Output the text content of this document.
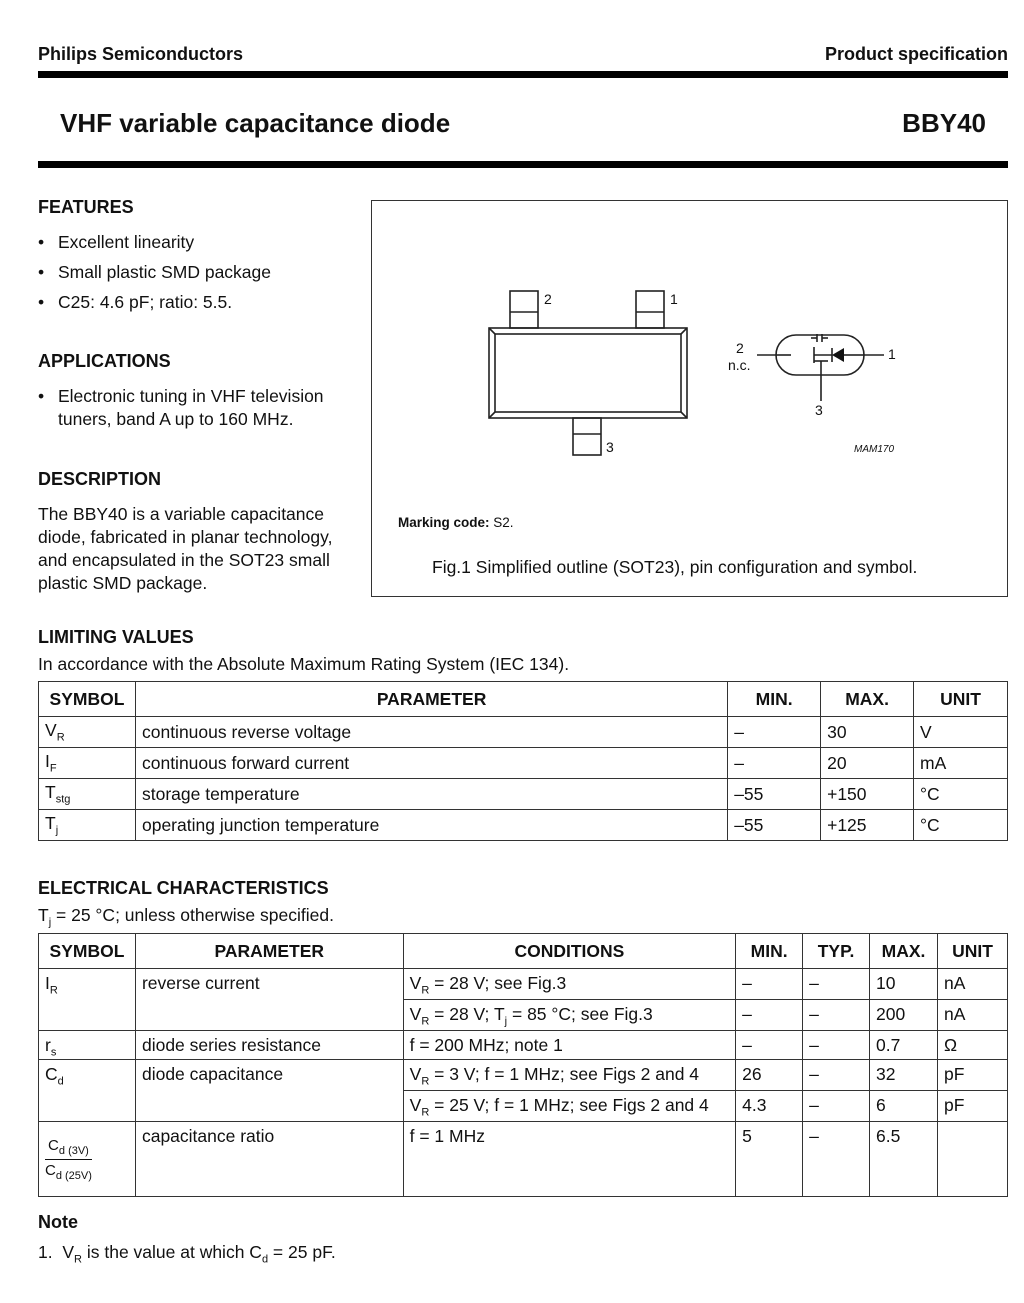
Philips Semiconductors	Product specification
VHF variable capacitance diode	BBY40
FEATURES
• Excellent linearity
• Small plastic SMD package
• C25: 4.6 pF; ratio: 5.5.
APPLICATIONS
• Electronic tuning in VHF television tuners, band A up to 160 MHz.
DESCRIPTION
The BBY40 is a variable capacitance diode, fabricated in planar technology, and encapsulated in the SOT23 small plastic SMD package.
2	1
3
2
n.c.
1
3
MAM170
Marking code: S2.
Fig.1 Simplified outline (SOT23), pin configuration and symbol.
LIMITING VALUES
In accordance with the Absolute Maximum Rating System (IEC 134).
SYMBOL	PARAMETER	MIN.	MAX.	UNIT
$V_R$	continuous reverse voltage	–	30	V
$I_F$	continuous forward current	–	20	mA
$T_{stg}$	storage temperature	–55	+150	°C
$T_j$	operating junction temperature	–55	+125	°C
ELECTRICAL CHARACTERISTICS
$T_j = 25$ °C; unless otherwise specified.
SYMBOL	PARAMETER	CONDITIONS	MIN.	TYP.	MAX.	UNIT
$I_R$	reverse current	$V_R = 28$ V; see Fig.3	–	–	10	nA
		$V_R = 28$ V; $T_j = 85$ °C; see Fig.3	–	–	200	nA
$r_s$	diode series resistance	f = 200 MHz; note 1	–	–	0.7	Ω
$C_d$	diode capacitance	$V_R = 3$ V; f = 1 MHz; see Figs 2 and 4	26	–	32	pF
		$V_R = 25$ V; f = 1 MHz; see Figs 2 and 4	4.3	–	6	pF

$\frac{C_{d (3V)}}{C_{d (25V)}}$	capacitance ratio	f = 1 MHz	5	–	6.5	
Note
1. $V_R$ is the value at which $C_d = 25$ pF.
